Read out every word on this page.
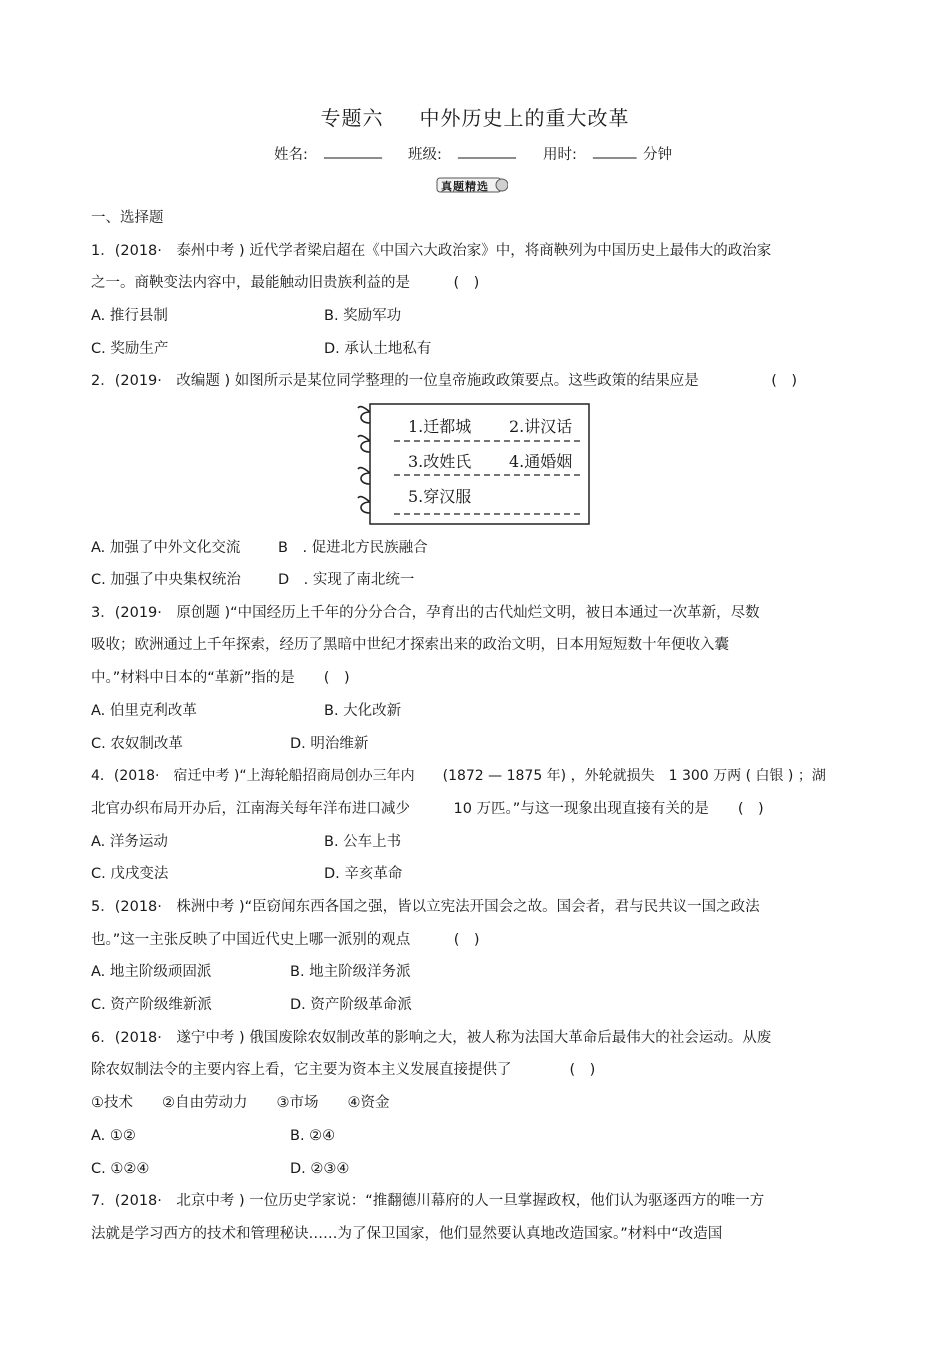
专题六 中外历史上的重大改革
姓名: ________ 班级: ________ 用时: ______ 分钟
真题精选
一、选择题
1．(2018·　泰州中考 ) 近代学者梁启超在《中国六大政治家》中，将商鞅列为中国历史上最伟大的政治家
之一。商鞅变法内容中，最能触动旧贵族利益的是　　　(　)
A. 推行县制	B. 奖励军功
C. 奖励生产	D. 承认土地私有
2．(2019·　改编题 ) 如图所示是某位同学整理的一位皇帝施政政策要点。这些政策的结果应是　　　　　(　)
1.迁都城 2.讲汉话
3.改姓氏 4.通婚姻
5.穿汉服
A. 加强了中外文化交流	B　. 促进北方民族融合
C. 加强了中央集权统治	D　. 实现了南北统一
3．(2019·　原创题 )“中国经历上千年的分分合合，孕育出的古代灿烂文明，被日本通过一次革新，尽数
吸收；欧洲通过上千年探索，经历了黑暗中世纪才探索出来的政治文明，日本用短短数十年便收入囊
中。”材料中日本的“革新”指的是　　(　)
A. 伯里克利改革	B. 大化改新
C. 农奴制改革	D. 明治维新
4．(2018·　宿迁中考 )“上海轮船招商局创办三年内　　(1872 — 1875 年) ，外轮就损失　1 300 万两 ( 白银 ) ；湖
北官办织布局开办后，江南海关每年洋布进口减少　　　10 万匹。”与这一现象出现直接有关的是　　(　)
A. 洋务运动	B. 公车上书
C. 戊戌变法	D. 辛亥革命
5．(2018·　株洲中考 )“臣窃闻东西各国之强，皆以立宪法开国会之故。国会者，君与民共议一国之政法
也。”这一主张反映了中国近代史上哪一派别的观点　　　(　)
A. 地主阶级顽固派	B. 地主阶级洋务派
C. 资产阶级维新派	D. 资产阶级革命派
6．(2018·　遂宁中考 ) 俄国废除农奴制改革的影响之大，被人称为法国大革命后最伟大的社会运动。从废
除农奴制法令的主要内容上看，它主要为资本主义发展直接提供了　　　　(　)
①技术　　②自由劳动力　　③市场　　④资金
A. ①②	B. ②④
C. ①②④	D. ②③④
7．(2018·　北京中考 ) 一位历史学家说：“推翻德川幕府的人一旦掌握政权，他们认为驱逐西方的唯一方
法就是学习西方的技术和管理秘诀……为了保卫国家，他们显然要认真地改造国家。”材料中“改造国
